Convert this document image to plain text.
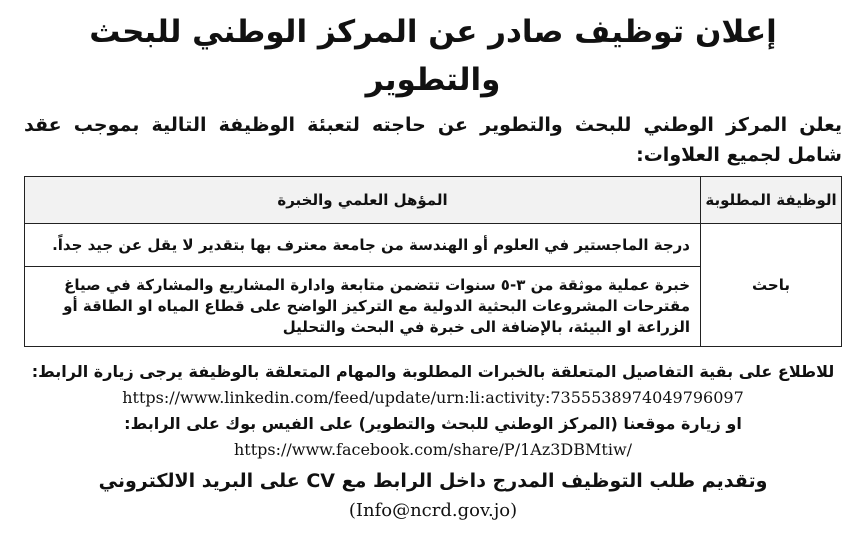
إعلان توظيف صادر عن المركز الوطني للبحث والتطوير

يعلن المركز الوطني للبحث والتطوير عن حاجته لتعبئة الوظيفة التالية بموجب عقد شامل لجميع العلاوات:

الوظيفة المطلوبة	المؤهل العلمي والخبرة
باحث	درجة الماجستير في العلوم أو الهندسة من جامعة معترف بها بتقدير لا يقل عن جيد جداً.
	خبرة عملية موثقة من ٣-٥ سنوات تتضمن متابعة وادارة المشاريع والمشاركة في صياغ مقترحات المشروعات البحثية الدولية مع التركيز الواضح على قطاع المياه او الطاقة أو الزراعة او البيئة، بالإضافة الى خبرة في البحث والتحليل

للاطلاع على بقية التفاصيل المتعلقة بالخبرات المطلوبة والمهام المتعلقة بالوظيفة يرجى زيارة الرابط:

https://www.linkedin.com/feed/update/urn:li:activity:7355538974049796097

او زيارة موقعنا (المركز الوطني للبحث والتطوير) على الفيس بوك على الرابط:

https://www.facebook.com/share/P/1Az3DBMtiw/

وتقديم طلب التوظيف المدرج داخل الرابط مع CV على البريد الالكتروني

(Info@ncrd.gov.jo)
